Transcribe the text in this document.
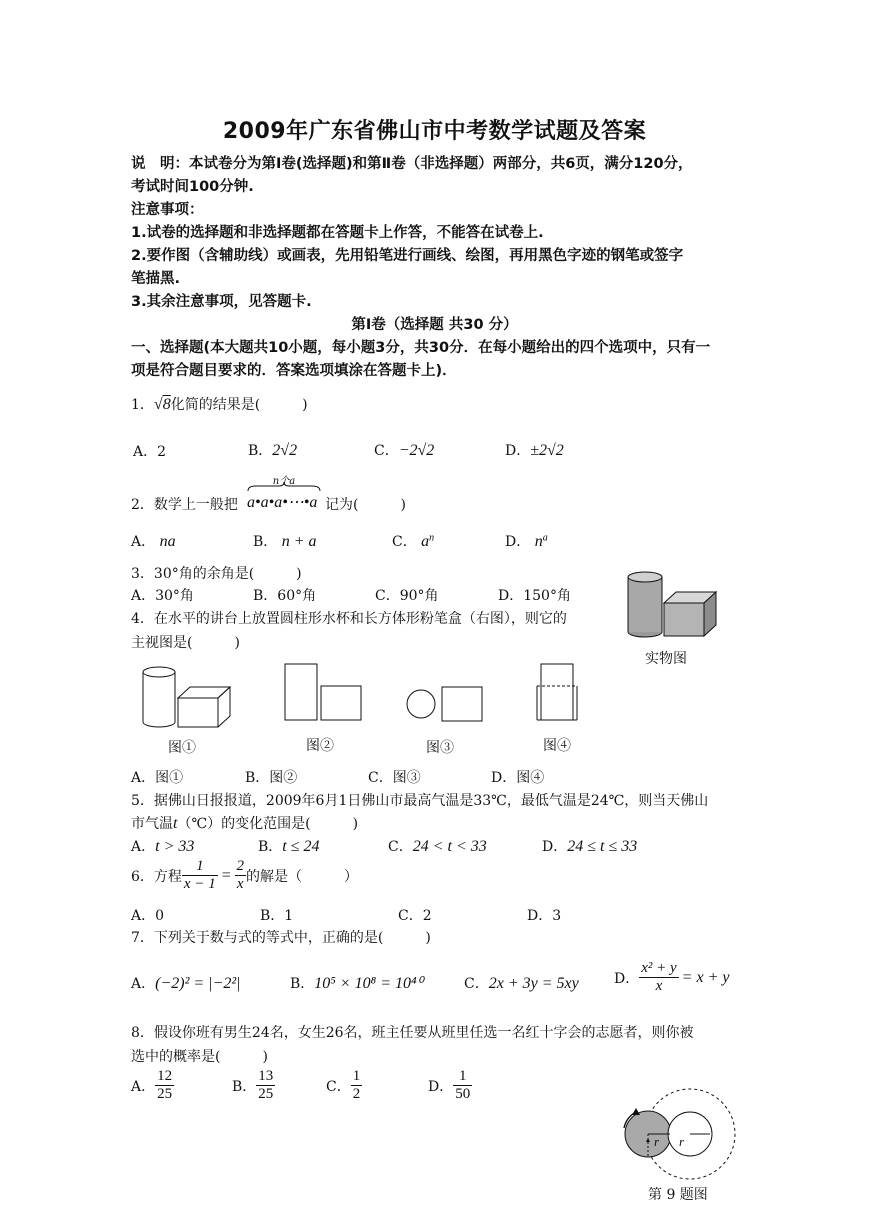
2009年广东省佛山市中考数学试题及答案
说　明：本试卷分为第Ⅰ卷(选择题)和第Ⅱ卷（非选择题）两部分，共6页，满分120分，
考试时间100分钟.
注意事项：
1.试卷的选择题和非选择题都在答题卡上作答，不能答在试卷上.
2.要作图（含辅助线）或画表，先用铅笔进行画线、绘图，再用黑色字迹的钢笔或签字
笔描黑.
3.其余注意事项，见答题卡.
第Ⅰ卷（选择题 共30 分）
一、选择题(本大题共10小题，每小题3分，共30分．在每小题给出的四个选项中，只有一
项是符合题目要求的．答案选项填涂在答题卡上)．
1．√8化简的结果是(　　　)
A．2	B．2√2	C．−2√2	D．±2√2
2．数学上一般把
n个a
a•a•a•⋯•a 记为(　　　)
A． na	B． n + a	C． $a^n$	D． $n^a$
3．30°角的余角是(　　　)
A．30°角	B．60°角	C．90°角	D．150°角
4．在水平的讲台上放置圆柱形水杯和长方体形粉笔盒（右图），则它的
主视图是(　　　)
实物图
图①	图②	图③	图④
A．图①	B．图②	C．图③	D．图④
5．据佛山日报报道，2009年6月1日佛山市最高气温是33℃，最低气温是24℃，则当天佛山
市气温t（℃）的变化范围是(　　　)
A．t > 33	B．t ≤ 24	C．24 < t < 33	D．24 ≤ t ≤ 33
6．方程 $\frac{1}{x - 1} = \frac{2}{x}$ 的解是（　　　）
A．0	B．1	C．2	D．3
7．下列关于数与式的等式中，正确的是(　　　)
A．(−2)² = |−2²|	B．10⁵ × 10⁸ = 10⁴⁰	C．2x + 3y = 5xy	D． $\frac{\text{x² + y}}{x} = x + y$
8．假设你班有男生24名，女生26名，班主任要从班里任选一名红十字会的志愿者，则你被
选中的概率是(　　　)
A． $\frac{12}{25}$	B． $\frac{13}{25}$	C． $\frac{1}{2}$	D． $\frac{1}{50}$
r r
第 9 题图
